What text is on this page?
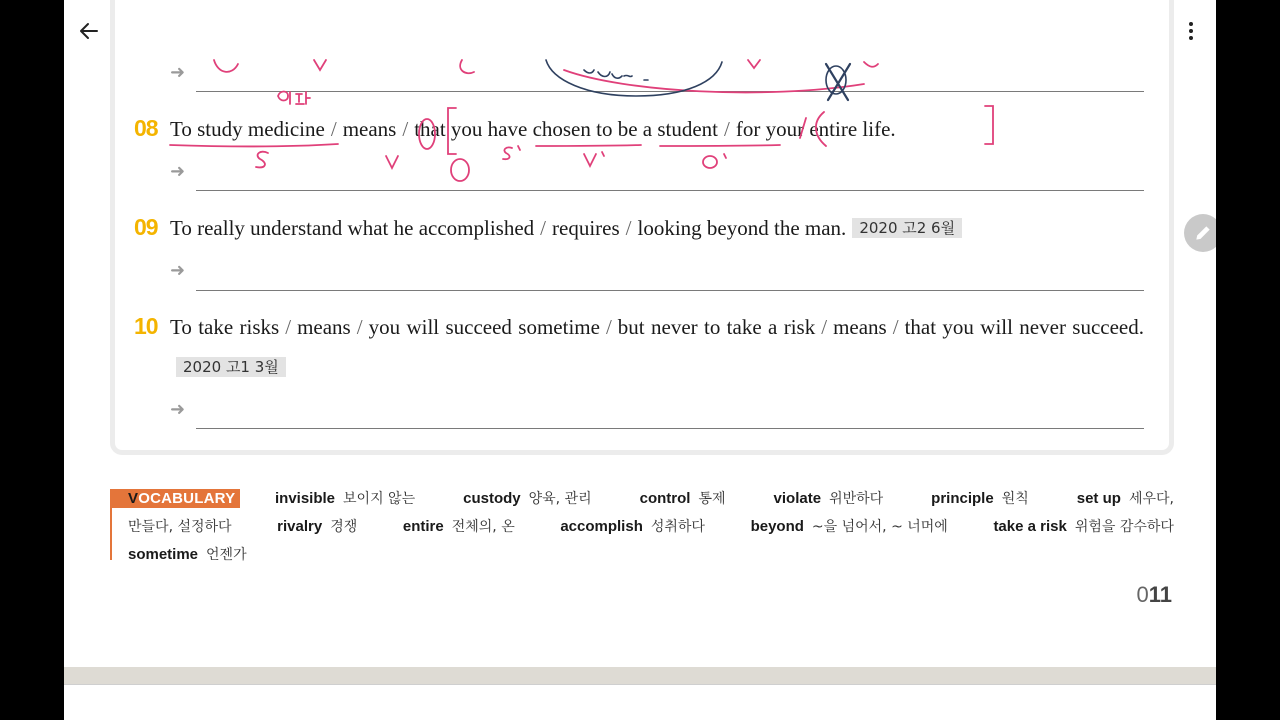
➜
08 To study medicine / means / that you have chosen to be a student / for your entire life.
➜
09 To really understand what he accomplished / requires / looking beyond the man. 2020 고2 6월
➜
10 To take risks / means / you will succeed sometime / but never to take a risk / means / that you will never succeed.2020 고1 3월
➜
VOCABULARY	invisible 보이지 않는	custody 양육, 관리	control 통제	violate 위반하다	principle 원칙	set up 세우다,
만들다, 설정하다	rivalry 경쟁	entire 전체의, 온	accomplish 성취하다	beyond ~을 넘어서, ~ 너머에	take a risk 위험을 감수하다
sometime 언젠가
011
